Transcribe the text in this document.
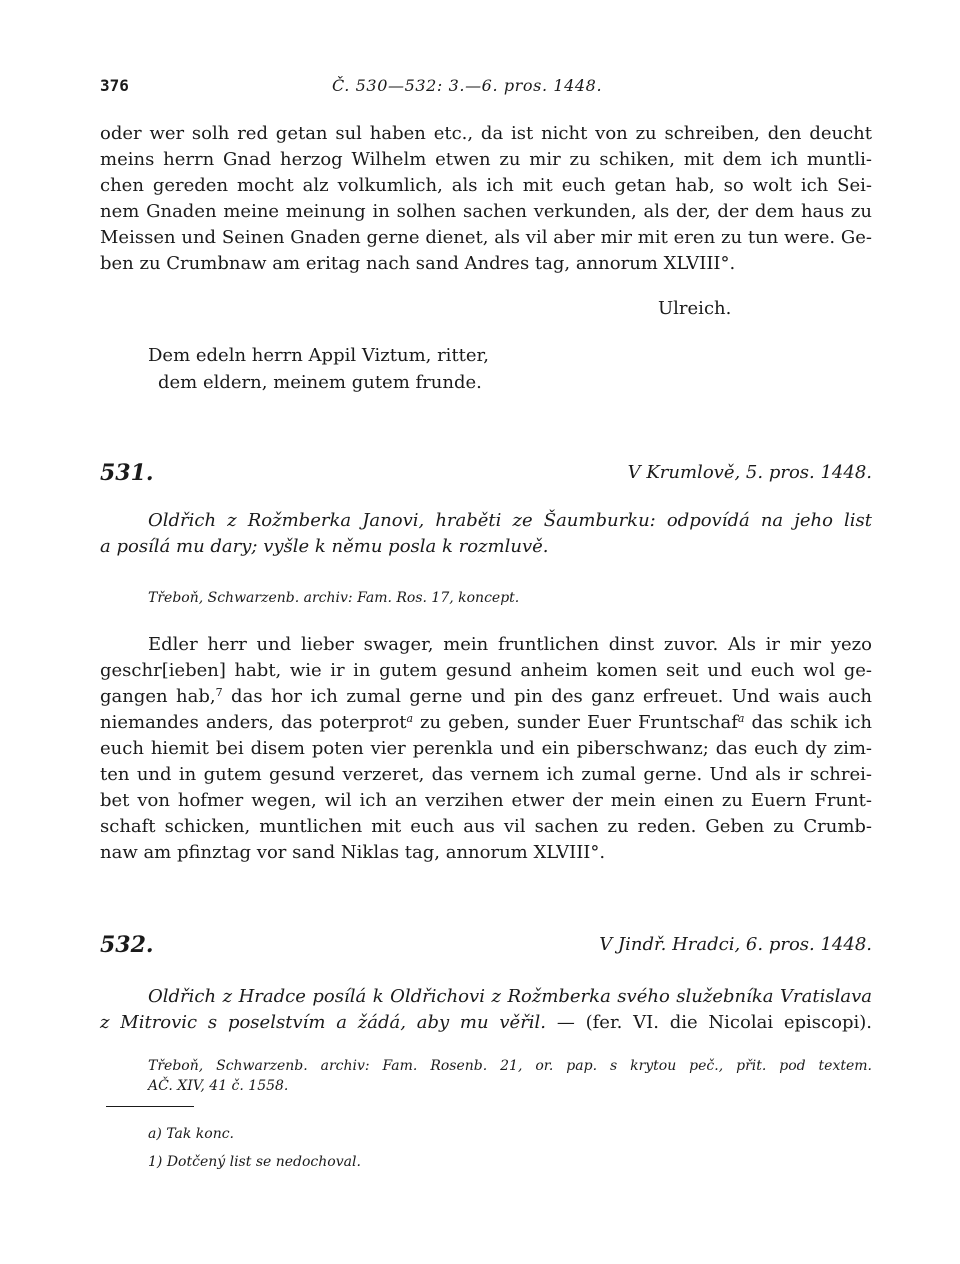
376	Č. 530—532: 3.—6. pros. 1448.
oder wer solh red getan sul haben etc., da ist nicht von zu schreiben, den deucht
meins herrn Gnad herzog Wilhelm etwen zu mir zu schiken, mit dem ich muntli-
chen gereden mocht alz volkumlich, als ich mit euch getan hab, so wolt ich Sei-
nem Gnaden meine meinung in solhen sachen verkunden, als der, der dem haus zu
Meissen und Seinen Gnaden gerne dienet, als vil aber mir mit eren zu tun were. Ge-
ben zu Crumbnaw am eritag nach sand Andres tag, annorum XLVIII°.
Ulreich.
Dem edeln herrn Appil Viztum, ritter,
dem eldern, meinem gutem frunde.
531.	V Krumlově, 5. pros. 1448.
Oldřich z Rožmberka Janovi, hraběti ze Šaumburku: odpovídá na jeho list
a posílá mu dary; vyšle k němu posla k rozmluvě.
Třeboň, Schwarzenb. archiv: Fam. Ros. 17, koncept.
Edler herr und lieber swager, mein fruntlichen dinst zuvor. Als ir mir yezo
geschr[ieben] habt, wie ir in gutem gesund anheim komen seit und euch wol ge-
gangen hab,$^7$ das hor ich zumal gerne und pin des ganz erfreuet. Und wais auch
niemandes anders, das poterprot$^a$ zu geben, sunder Euer Fruntschaf$^a$ das schik ich
euch hiemit bei disem poten vier perenkla und ein piberschwanz; das euch dy zim-
ten und in gutem gesund verzeret, das vernem ich zumal gerne. Und als ir schrei-
bet von hofmer wegen, wil ich an verzihen etwer der mein einen zu Euern Frunt-
schaft schicken, muntlichen mit euch aus vil sachen zu reden. Geben zu Crumb-
naw am pfinztag vor sand Niklas tag, annorum XLVIII°.
532.	V Jindř. Hradci, 6. pros. 1448.
Oldřich z Hradce posílá k Oldřichovi z Rožmberka svého služebníka Vratislava
z Mitrovic s poselstvím a žádá, aby mu věřil. — (fer. VI. die Nicolai episcopi).
Třeboň, Schwarzenb. archiv: Fam. Rosenb. 21, or. pap. s krytou peč., přit. pod textem.
AČ. XIV, 41 č. 1558.
a) Tak konc.
1) Dotčený list se nedochoval.
